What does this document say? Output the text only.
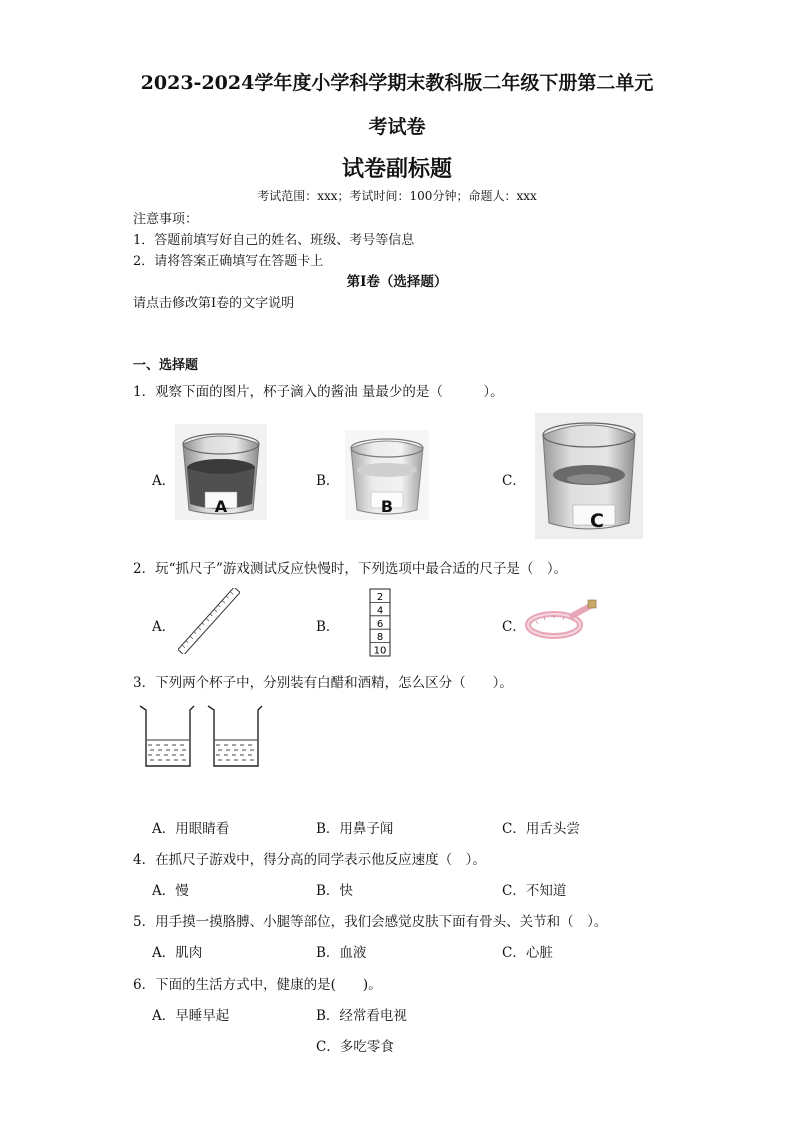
2023-2024学年度小学科学期末教科版二年级下册第二单元
考试卷
试卷副标题
考试范围：xxx；考试时间：100分钟；命题人：xxx
注意事项：
1．答题前填写好自己的姓名、班级、考号等信息
2．请将答案正确填写在答题卡上
第I卷（选择题）
请点击修改第I卷的文字说明
一、选择题
1．观察下面的图片，杯子滴入的酱油 量最少的是（　　　）。
A．	B．	C．
A	B
C
2．玩“抓尺子”游戏测试反应快慢时，下列选项中最合适的尺子是（　）。
A．	B．	C．
2
4
6
8
10
3．下列两个杯子中，分别装有白醋和酒精，怎么区分（　　）。
A．用眼睛看	B．用鼻子闻	C．用舌头尝
4．在抓尺子游戏中，得分高的同学表示他反应速度（　）。
A．慢	B．快	C．不知道
5．用手摸一摸胳膊、小腿等部位，我们会感觉皮肤下面有骨头、关节和（　）。
A．肌肉	B．血液	C．心脏
6．下面的生活方式中，健康的是(　　)。
A．早睡早起	B．经常看电视
C．多吃零食
